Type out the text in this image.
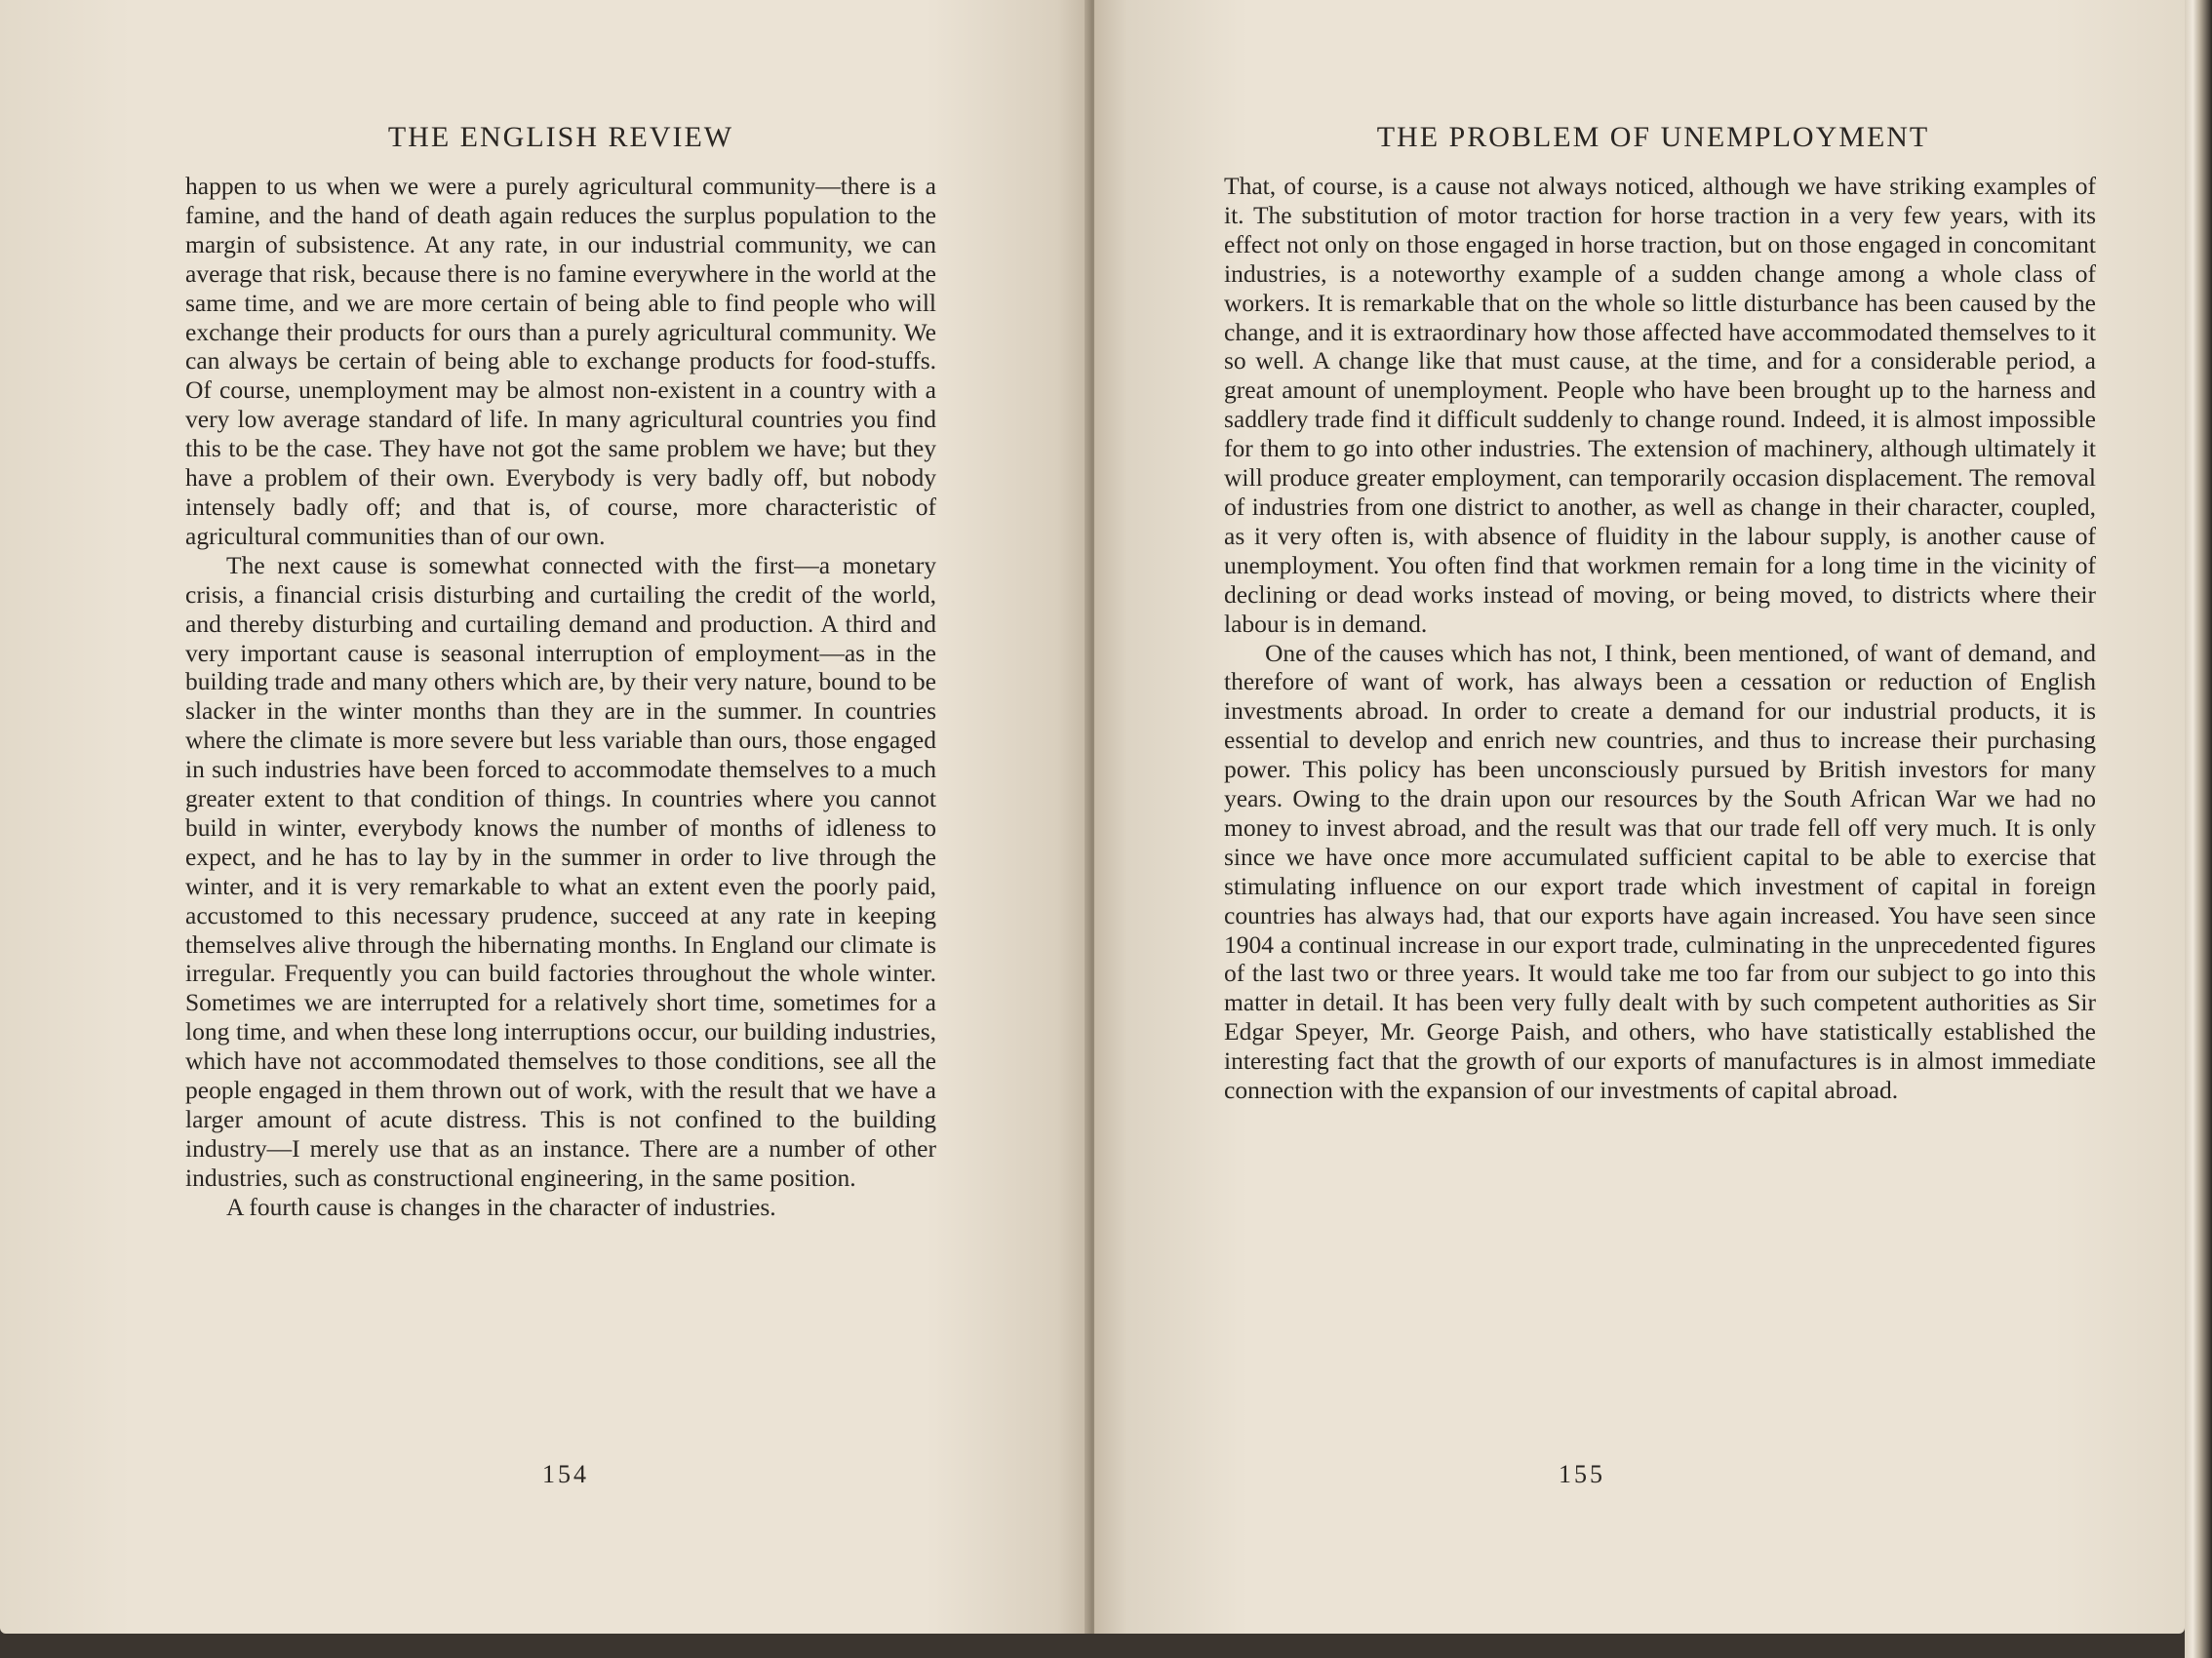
THE ENGLISH REVIEW

happen to us when we were a purely agricultural community—there is a famine, and the hand of death again reduces the surplus population to the margin of subsistence. At any rate, in our industrial community, we can average that risk, because there is no famine everywhere in the world at the same time, and we are more certain of being able to find people who will exchange their products for ours than a purely agricultural community. We can always be certain of being able to exchange products for food-stuffs. Of course, unemployment may be almost non-existent in a country with a very low average standard of life. In many agricultural countries you find this to be the case. They have not got the same problem we have; but they have a problem of their own. Everybody is very badly off, but nobody intensely badly off; and that is, of course, more characteristic of agricultural communities than of our own.

The next cause is somewhat connected with the first—a monetary crisis, a financial crisis disturbing and curtailing the credit of the world, and thereby disturbing and curtailing demand and production. A third and very important cause is seasonal interruption of employment—as in the building trade and many others which are, by their very nature, bound to be slacker in the winter months than they are in the summer. In countries where the climate is more severe but less variable than ours, those engaged in such industries have been forced to accommodate themselves to a much greater extent to that condition of things. In countries where you cannot build in winter, everybody knows the number of months of idleness to expect, and he has to lay by in the summer in order to live through the winter, and it is very remarkable to what an extent even the poorly paid, accustomed to this necessary prudence, succeed at any rate in keeping themselves alive through the hibernating months. In England our climate is irregular. Frequently you can build factories throughout the whole winter. Sometimes we are interrupted for a relatively short time, sometimes for a long time, and when these long interruptions occur, our building industries, which have not accommodated themselves to those conditions, see all the people engaged in them thrown out of work, with the result that we have a larger amount of acute distress. This is not confined to the building industry—I merely use that as an instance. There are a number of other industries, such as constructional engineering, in the same position.

A fourth cause is changes in the character of industries.

154
THE PROBLEM OF UNEMPLOYMENT

That, of course, is a cause not always noticed, although we have striking examples of it. The substitution of motor traction for horse traction in a very few years, with its effect not only on those engaged in horse traction, but on those engaged in concomitant industries, is a noteworthy example of a sudden change among a whole class of workers. It is remarkable that on the whole so little disturbance has been caused by the change, and it is extraordinary how those affected have accommodated themselves to it so well. A change like that must cause, at the time, and for a considerable period, a great amount of unemployment. People who have been brought up to the harness and saddlery trade find it difficult suddenly to change round. Indeed, it is almost impossible for them to go into other industries. The extension of machinery, although ultimately it will produce greater employment, can temporarily occasion displacement. The removal of industries from one district to another, as well as change in their character, coupled, as it very often is, with absence of fluidity in the labour supply, is another cause of unemployment. You often find that workmen remain for a long time in the vicinity of declining or dead works instead of moving, or being moved, to districts where their labour is in demand.

One of the causes which has not, I think, been mentioned, of want of demand, and therefore of want of work, has always been a cessation or reduction of English investments abroad. In order to create a demand for our industrial products, it is essential to develop and enrich new countries, and thus to increase their purchasing power. This policy has been unconsciously pursued by British investors for many years. Owing to the drain upon our resources by the South African War we had no money to invest abroad, and the result was that our trade fell off very much. It is only since we have once more accumulated sufficient capital to be able to exercise that stimulating influence on our export trade which investment of capital in foreign countries has always had, that our exports have again increased. You have seen since 1904 a continual increase in our export trade, culminating in the unprecedented figures of the last two or three years. It would take me too far from our subject to go into this matter in detail. It has been very fully dealt with by such competent authorities as Sir Edgar Speyer, Mr. George Paish, and others, who have statistically established the interesting fact that the growth of our exports of manufactures is in almost immediate connection with the expansion of our investments of capital abroad.

155
